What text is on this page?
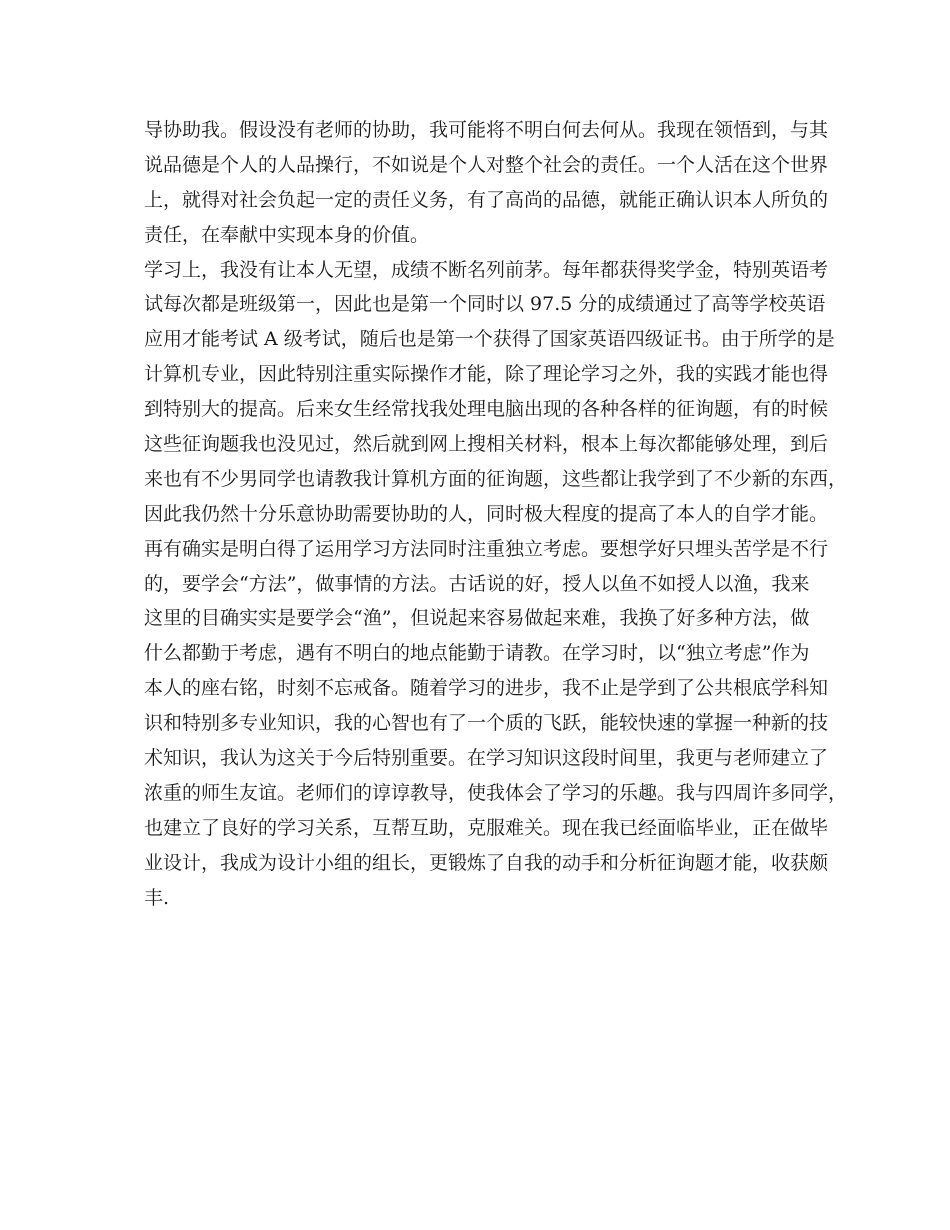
导协助我。假设没有老师的协助，我可能将不明白何去何从。我现在领悟到，与其
说品德是个人的人品操行，不如说是个人对整个社会的责任。一个人活在这个世界
上，就得对社会负起一定的责任义务，有了高尚的品德，就能正确认识本人所负的
责任，在奉献中实现本身的价值。
学习上，我没有让本人无望，成绩不断名列前茅。每年都获得奖学金，特别英语考
试每次都是班级第一，因此也是第一个同时以 97.5 分的成绩通过了高等学校英语
应用才能考试 A 级考试，随后也是第一个获得了国家英语四级证书。由于所学的是
计算机专业，因此特别注重实际操作才能，除了理论学习之外，我的实践才能也得
到特别大的提高。后来女生经常找我处理电脑出现的各种各样的征询题，有的时候
这些征询题我也没见过，然后就到网上搜相关材料，根本上每次都能够处理，到后
来也有不少男同学也请教我计算机方面的征询题，这些都让我学到了不少新的东西，
因此我仍然十分乐意协助需要协助的人，同时极大程度的提高了本人的自学才能。
再有确实是明白得了运用学习方法同时注重独立考虑。要想学好只埋头苦学是不行
的，要学会“方法”，做事情的方法。古话说的好，授人以鱼不如授人以渔，我来
这里的目确实实是要学会“渔”，但说起来容易做起来难，我换了好多种方法，做
什么都勤于考虑，遇有不明白的地点能勤于请教。在学习时，以“独立考虑”作为
本人的座右铭，时刻不忘戒备。随着学习的进步，我不止是学到了公共根底学科知
识和特别多专业知识，我的心智也有了一个质的飞跃，能较快速的掌握一种新的技
术知识，我认为这关于今后特别重要。在学习知识这段时间里，我更与老师建立了
浓重的师生友谊。老师们的谆谆教导，使我体会了学习的乐趣。我与四周许多同学，
也建立了良好的学习关系，互帮互助，克服难关。现在我已经面临毕业，正在做毕
业设计，我成为设计小组的组长，更锻炼了自我的动手和分析征询题才能，收获颇
丰.
